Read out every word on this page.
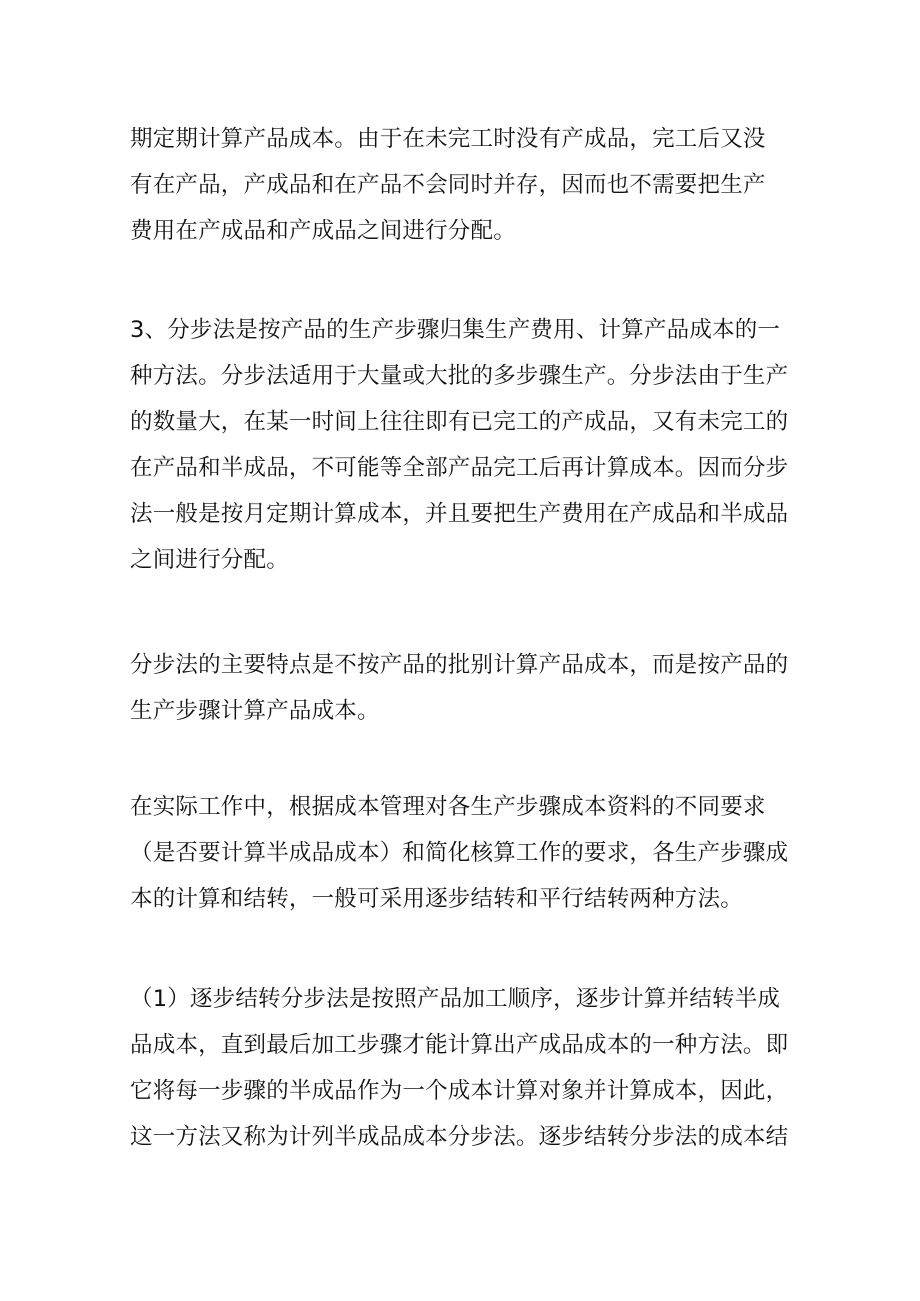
期定期计算产品成本。由于在未完工时没有产成品，完工后又没
有在产品，产成品和在产品不会同时并存，因而也不需要把生产
费用在产成品和产成品之间进行分配。
3、分步法是按产品的生产步骤归集生产费用、计算产品成本的一
种方法。分步法适用于大量或大批的多步骤生产。分步法由于生产
的数量大，在某一时间上往往即有已完工的产成品，又有未完工的
在产品和半成品，不可能等全部产品完工后再计算成本。因而分步
法一般是按月定期计算成本，并且要把生产费用在产成品和半成品
之间进行分配。
分步法的主要特点是不按产品的批别计算产品成本，而是按产品的
生产步骤计算产品成本。
在实际工作中，根据成本管理对各生产步骤成本资料的不同要求
（是否要计算半成品成本）和简化核算工作的要求，各生产步骤成
本的计算和结转，一般可采用逐步结转和平行结转两种方法。
（1）逐步结转分步法是按照产品加工顺序，逐步计算并结转半成
品成本，直到最后加工步骤才能计算出产成品成本的一种方法。即
它将每一步骤的半成品作为一个成本计算对象并计算成本，因此，
这一方法又称为计列半成品成本分步法。逐步结转分步法的成本结
